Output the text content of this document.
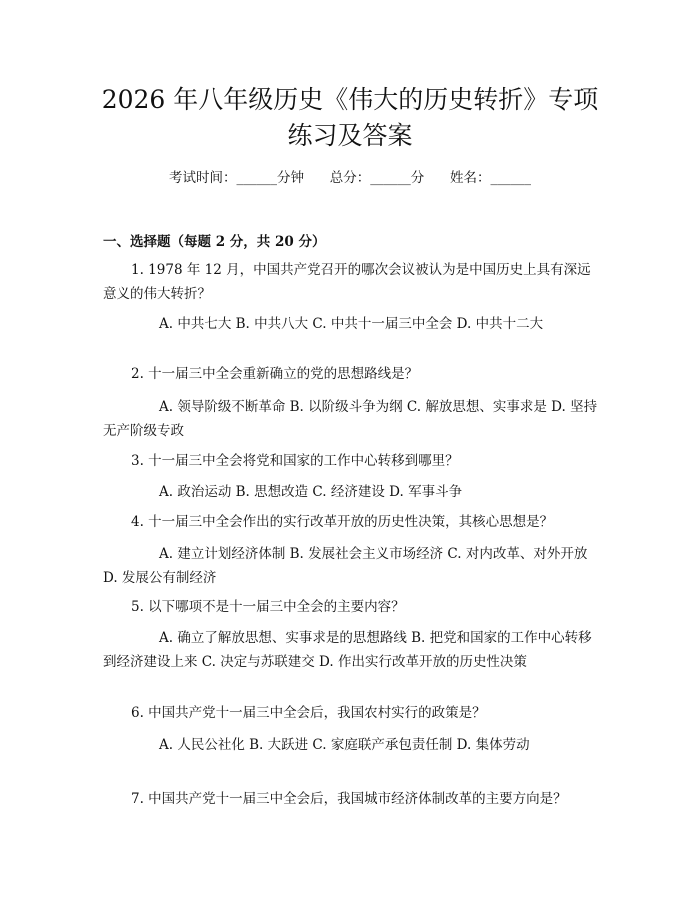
2026 年八年级历史《伟大的历史转折》专项
练习及答案
考试时间：______分钟      总分：______分      姓名：______
一、选择题（每题 2 分，共 20 分）
1. 1978 年 12 月，中国共产党召开的哪次会议被认为是中国历史上具有深远意义的伟大转折？
A. 中共七大 B. 中共八大 C. 中共十一届三中全会 D. 中共十二大
2. 十一届三中全会重新确立的党的思想路线是？
A. 领导阶级不断革命 B. 以阶级斗争为纲 C. 解放思想、实事求是 D. 坚持无产阶级专政
3. 十一届三中全会将党和国家的工作中心转移到哪里？
A. 政治运动 B. 思想改造 C. 经济建设 D. 军事斗争
4. 十一届三中全会作出的实行改革开放的历史性决策，其核心思想是？
A. 建立计划经济体制 B. 发展社会主义市场经济 C. 对内改革、对外开放 D. 发展公有制经济
5. 以下哪项不是十一届三中全会的主要内容？
A. 确立了解放思想、实事求是的思想路线 B. 把党和国家的工作中心转移到经济建设上来 C. 决定与苏联建交 D. 作出实行改革开放的历史性决策
6. 中国共产党十一届三中全会后，我国农村实行的政策是？
A. 人民公社化 B. 大跃进 C. 家庭联产承包责任制 D. 集体劳动
7. 中国共产党十一届三中全会后，我国城市经济体制改革的主要方向是？
